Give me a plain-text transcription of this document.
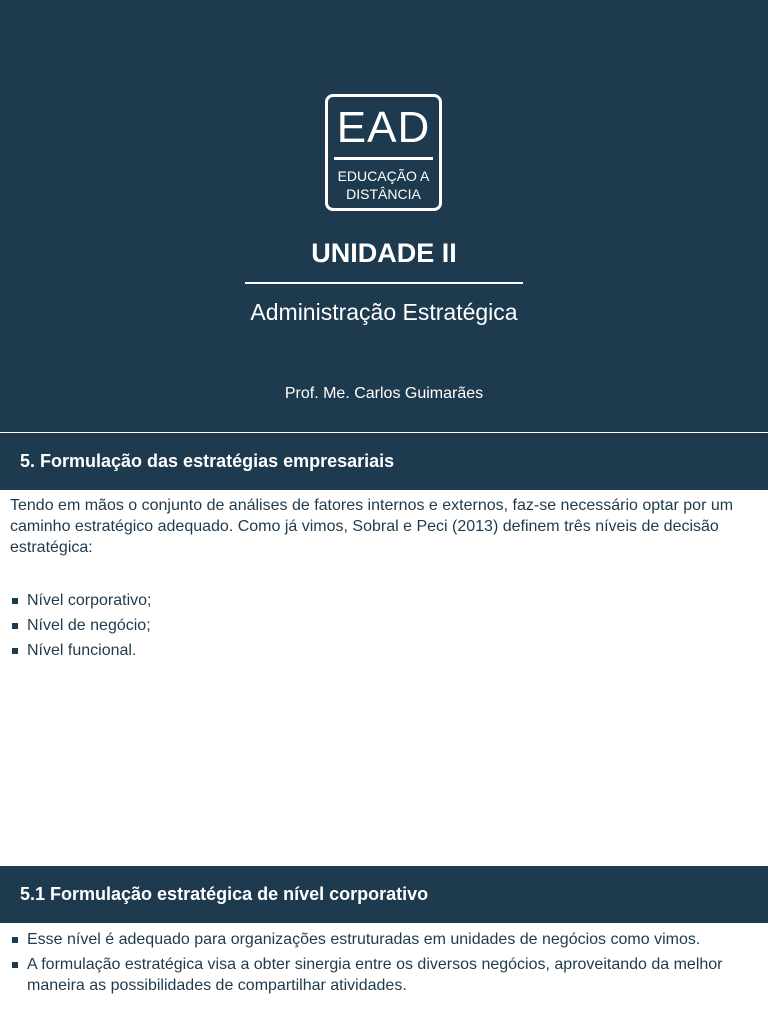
EAD
EDUCAÇÃO A
DISTÂNCIA
UNIDADE II
Administração Estratégica
Prof. Me. Carlos Guimarães
5. Formulação das estratégias empresariais

Tendo em mãos o conjunto de análises de fatores internos e externos, faz-se necessário optar por um caminho estratégico adequado. Como já vimos, Sobral e Peci (2013) definem três níveis de decisão estratégica:

Nível corporativo;
Nível de negócio;
Nível funcional.
5.1 Formulação estratégica de nível corporativo
Esse nível é adequado para organizações estruturadas em unidades de negócios como vimos.
A formulação estratégica visa a obter sinergia entre os diversos negócios, aproveitando da melhor maneira as possibilidades de compartilhar atividades.
